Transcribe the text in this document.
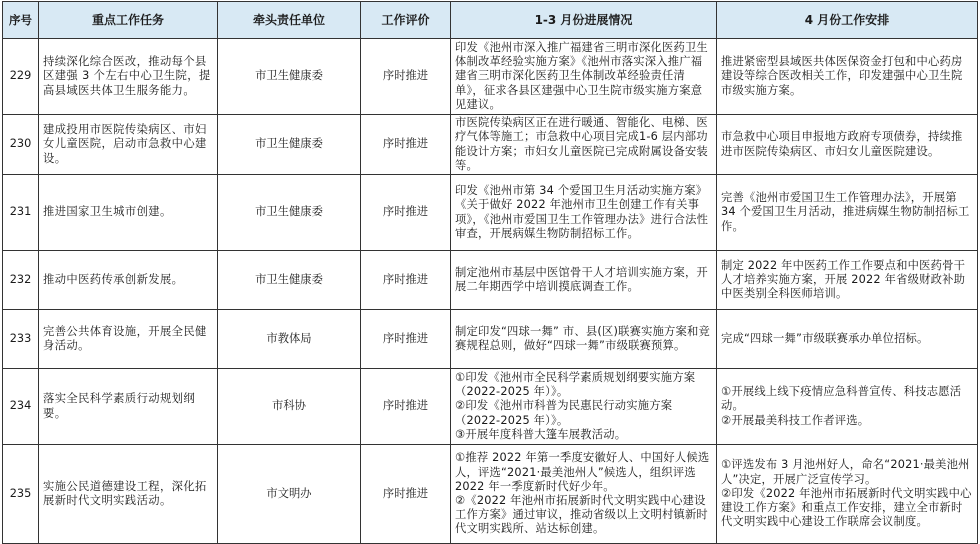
序号	重点工作任务	牵头责任单位	工作评价	1-3 月份进展情况	4 月份工作安排
229	持续深化综合医改，推动每个县区建强 3 个左右中心卫生院，提高县域医共体卫生服务能力。	市卫生健康委	序时推进	印发《池州市深入推广福建省三明市深化医药卫生体制改革经验实施方案》《池州市落实深入推广福建省三明市深化医药卫生体制改革经验责任清单》，征求各县区建强中心卫生院市级实施方案意见建议。	推进紧密型县域医共体医保资金打包和中心药房建设等综合医改相关工作，印发建强中心卫生院市级实施方案。

230	建成投用市医院传染病区、市妇女儿童医院，启动市急救中心建设。	市卫生健康委	序时推进	市医院传染病区正在进行暖通、智能化、电梯、医疗气体等施工；市急救中心项目完成1-6 层内部功能设计方案；市妇女儿童医院已完成附属设备安装等。	市急救中心项目申报地方政府专项债券，持续推进市医院传染病区、市妇女儿童医院建设。

231	推进国家卫生城市创建。	市卫生健康委	序时推进	印发《池州市第 34 个爱国卫生月活动实施方案》《关于做好 2022 年池州市卫生创建工作有关事项》，《池州市爱国卫生工作管理办法》进行合法性审查，开展病媒生物防制招标工作。	完善《池州市爱国卫生工作管理办法》，开展第 34 个爱国卫生月活动，推进病媒生物防制招标工作。

232	推动中医药传承创新发展。	市卫生健康委	序时推进	制定池州市基层中医馆骨干人才培训实施方案，开展二年期西学中培训摸底调查工作。	制定 2022 年中医药工作工作要点和中医药骨干人才培养实施方案，开展 2022 年省级财政补助中医类别全科医师培训。

233	完善公共体育设施，开展全民健身活动。	市教体局	序时推进	制定印发“四球一舞” 市、县(区)联赛实施方案和竞赛规程总则，做好“四球一舞”市级联赛预算。	完成“四球一舞”市级联赛承办单位招标。

234	落实全民科学素质行动规划纲要。	市科协	序时推进	①印发《池州市全民科学素质规划纲要实施方案（2022-2025 年）》。
②印发《池州市科普为民惠民行动实施方案（2022-2025 年）》。
③开展年度科普大篷车展教活动。	①开展线上线下疫情应急科普宣传、科技志愿活动。
②开展最美科技工作者评选。

235	实施公民道德建设工程，深化拓展新时代文明实践活动。	市文明办	序时推进	①推荐 2022 年第一季度安徽好人、中国好人候选人，评选“2021·最美池州人”候选人，组织评选 2022 年一季度新时代好少年。
②《2022 年池州市拓展新时代文明实践中心建设工作方案》通过审议，推动省级以上文明村镇新时代文明实践所、站达标创建。	①评选发布 3 月池州好人，命名“2021·最美池州人”决定，开展广泛宣传学习。
②印发《2022 年池州市拓展新时代文明实践中心建设工作方案》和重点工作安排，建立全市新时代文明实践中心建设工作联席会议制度。
